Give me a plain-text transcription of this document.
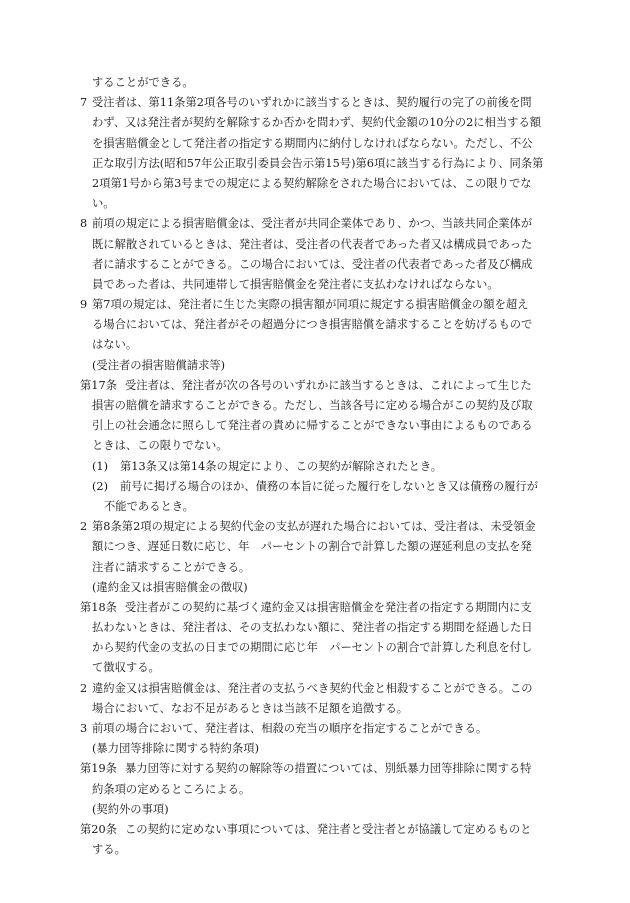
することができる。
7 受注者は、第11条第2項各号のいずれかに該当するときは、契約履行の完了の前後を問
わず、又は発注者が契約を解除するか否かを問わず、契約代金額の10分の2に相当する額
を損害賠償金として発注者の指定する期間内に納付しなければならない。ただし、不公
正な取引方法(昭和57年公正取引委員会告示第15号)第6項に該当する行為により、同条第
2項第1号から第3号までの規定による契約解除をされた場合においては、この限りでな
い。
8 前項の規定による損害賠償金は、受注者が共同企業体であり、かつ、当該共同企業体が
既に解散されているときは、発注者は、受注者の代表者であった者又は構成員であった
者に請求することができる。この場合においては、受注者の代表者であった者及び構成
員であった者は、共同連帯して損害賠償金を発注者に支払わなければならない。
9 第7項の規定は、発注者に生じた実際の損害額が同項に規定する損害賠償金の額を超え
る場合においては、発注者がその超過分につき損害賠償を請求することを妨げるもので
はない。
(受注者の損害賠償請求等)
第17条 受注者は、発注者が次の各号のいずれかに該当するときは、これによって生じた
損害の賠償を請求することができる。ただし、当該各号に定める場合がこの契約及び取
引上の社会通念に照らして発注者の責めに帰することができない事由によるものである
ときは、この限りでない。
(1) 第13条又は第14条の規定により、この契約が解除されたとき。
(2) 前号に掲げる場合のほか、債務の本旨に従った履行をしないとき又は債務の履行が
不能であるとき。
2 第8条第2項の規定による契約代金の支払が遅れた場合においては、受注者は、未受領金
額につき、遅延日数に応じ、年　パーセントの割合で計算した額の遅延利息の支払を発
注者に請求することができる。
(違約金又は損害賠償金の徴収)
第18条 受注者がこの契約に基づく違約金又は損害賠償金を発注者の指定する期間内に支
払わないときは、発注者は、その支払わない額に、発注者の指定する期間を経過した日
から契約代金の支払の日までの期間に応じ年　パーセントの割合で計算した利息を付し
て徴収する。
2 違約金又は損害賠償金は、発注者の支払うべき契約代金と相殺することができる。この
場合において、なお不足があるときは当該不足額を追徴する。
3 前項の場合において、発注者は、相殺の充当の順序を指定することができる。
(暴力団等排除に関する特約条項)
第19条 暴力団等に対する契約の解除等の措置については、別紙暴力団等排除に関する特
約条項の定めるところによる。
(契約外の事項)
第20条 この契約に定めない事項については、発注者と受注者とが協議して定めるものと
する。
